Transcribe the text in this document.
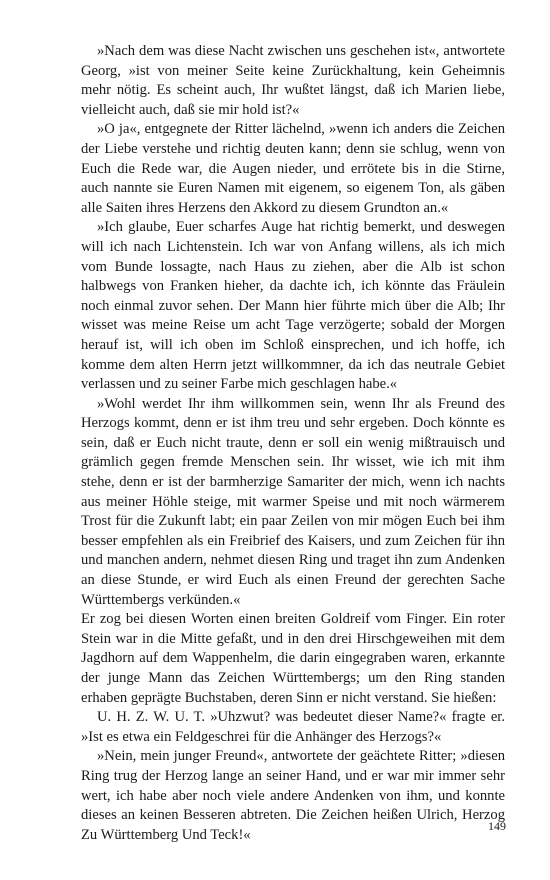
»Nach dem was diese Nacht zwischen uns geschehen ist«, antwortete Georg, »ist von meiner Seite keine Zurückhaltung, kein Geheimnis mehr nötig. Es scheint auch, Ihr wußtet längst, daß ich Marien liebe, vielleicht auch, daß sie mir hold ist?«

»O ja«, entgegnete der Ritter lächelnd, »wenn ich anders die Zeichen der Liebe verstehe und richtig deuten kann; denn sie schlug, wenn von Euch die Rede war, die Augen nieder, und errötete bis in die Stirne, auch nannte sie Euren Namen mit eigenem, so eigenem Ton, als gäben alle Saiten ihres Herzens den Akkord zu diesem Grundton an.«

»Ich glaube, Euer scharfes Auge hat richtig bemerkt, und deswegen will ich nach Lichtenstein. Ich war von Anfang willens, als ich mich vom Bunde lossagte, nach Haus zu ziehen, aber die Alb ist schon halbwegs von Franken hieher, da dachte ich, ich könnte das Fräulein noch einmal zuvor sehen. Der Mann hier führte mich über die Alb; Ihr wisset was meine Reise um acht Tage verzögerte; sobald der Morgen herauf ist, will ich oben im Schloß einsprechen, und ich hoffe, ich komme dem alten Herrn jetzt willkommner, da ich das neutrale Gebiet verlassen und zu seiner Farbe mich geschlagen habe.«

»Wohl werdet Ihr ihm willkommen sein, wenn Ihr als Freund des Herzogs kommt, denn er ist ihm treu und sehr ergeben. Doch könnte es sein, daß er Euch nicht traute, denn er soll ein wenig mißtrauisch und grämlich gegen fremde Menschen sein. Ihr wisset, wie ich mit ihm stehe, denn er ist der barmherzige Samariter der mich, wenn ich nachts aus meiner Höhle steige, mit warmer Speise und mit noch wärmerem Trost für die Zukunft labt; ein paar Zeilen von mir mögen Euch bei ihm besser empfehlen als ein Freibrief des Kaisers, und zum Zeichen für ihn und manchen andern, nehmet diesen Ring und traget ihn zum Andenken an diese Stunde, er wird Euch als einen Freund der gerechten Sache Württembergs verkünden.«

Er zog bei diesen Worten einen breiten Goldreif vom Finger. Ein roter Stein war in die Mitte gefaßt, und in den drei Hirschgeweihen mit dem Jagdhorn auf dem Wappenhelm, die darin eingegraben waren, erkannte der junge Mann das Zeichen Württembergs; um den Ring standen erhaben geprägte Buchstaben, deren Sinn er nicht verstand. Sie hießen:

U. H. Z. W. U. T. »Uhzwut? was bedeutet dieser Name?« fragte er. »Ist es etwa ein Feldgeschrei für die Anhänger des Herzogs?«

»Nein, mein junger Freund«, antwortete der geächtete Ritter; »diesen Ring trug der Herzog lange an seiner Hand, und er war mir immer sehr wert, ich habe aber noch viele andere Andenken von ihm, und konnte dieses an keinen Besseren abtreten. Die Zeichen heißen Ulrich, Herzog Zu Württemberg Und Teck!«

149
